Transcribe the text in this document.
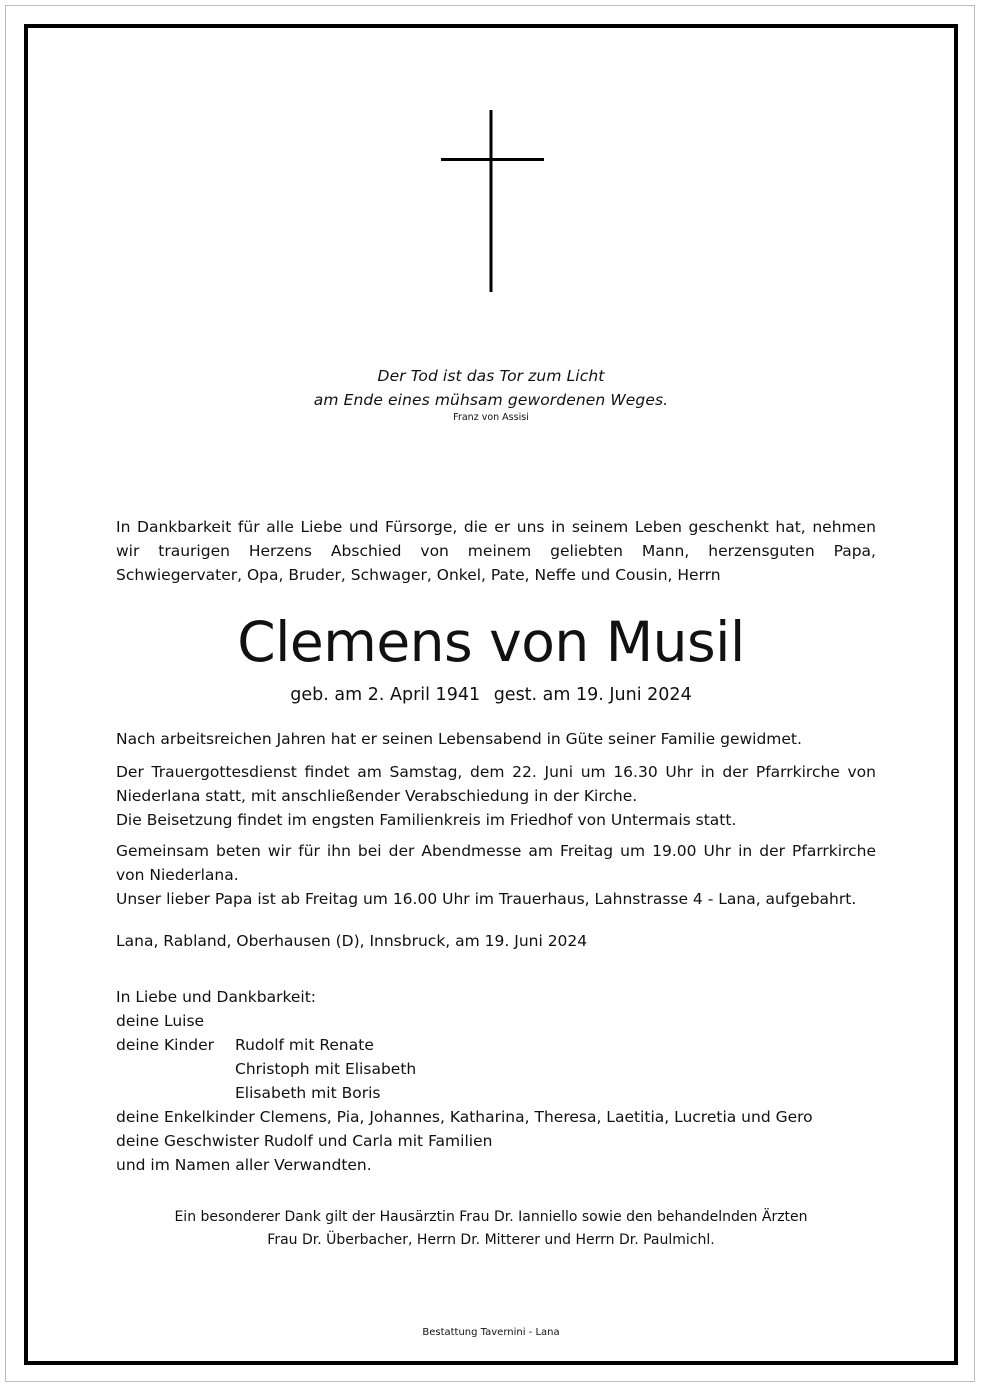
Der Tod ist das Tor zum Licht
am Ende eines mühsam gewordenen Weges.
Franz von Assisi
In Dankbarkeit für alle Liebe und Fürsorge, die er uns in seinem Leben geschenkt hat, nehmen wir traurigen Herzens Abschied von meinem geliebten Mann, herzensguten Papa, Schwiegervater, Opa, Bruder, Schwager, Onkel, Pate, Neffe und Cousin, Herrn
Clemens von Musil
geb. am 2. April 1941 gest. am 19. Juni 2024
Nach arbeitsreichen Jahren hat er seinen Lebensabend in Güte seiner Familie gewidmet.
Der Trauergottesdienst findet am Samstag, dem 22. Juni um 16.30 Uhr in der Pfarrkirche von Niederlana statt, mit anschließender Verabschiedung in der Kirche.
Die Beisetzung findet im engsten Familienkreis im Friedhof von Untermais statt.
Gemeinsam beten wir für ihn bei der Abendmesse am Freitag um 19.00 Uhr in der Pfarrkirche von Niederlana.
Unser lieber Papa ist ab Freitag um 16.00 Uhr im Trauerhaus, Lahnstrasse 4 - Lana, aufgebahrt.
Lana, Rabland, Oberhausen (D), Innsbruck, am 19. Juni 2024
In Liebe und Dankbarkeit:
deine Luise
deine Kinder	Rudolf mit Renate
Christoph mit Elisabeth
Elisabeth mit Boris
deine Enkelkinder Clemens, Pia, Johannes, Katharina, Theresa, Laetitia, Lucretia und Gero
deine Geschwister Rudolf und Carla mit Familien
und im Namen aller Verwandten.
Ein besonderer Dank gilt der Hausärztin Frau Dr. Ianniello sowie den behandelnden Ärzten
Frau Dr. Überbacher, Herrn Dr. Mitterer und Herrn Dr. Paulmichl.
Bestattung Tavernini - Lana
